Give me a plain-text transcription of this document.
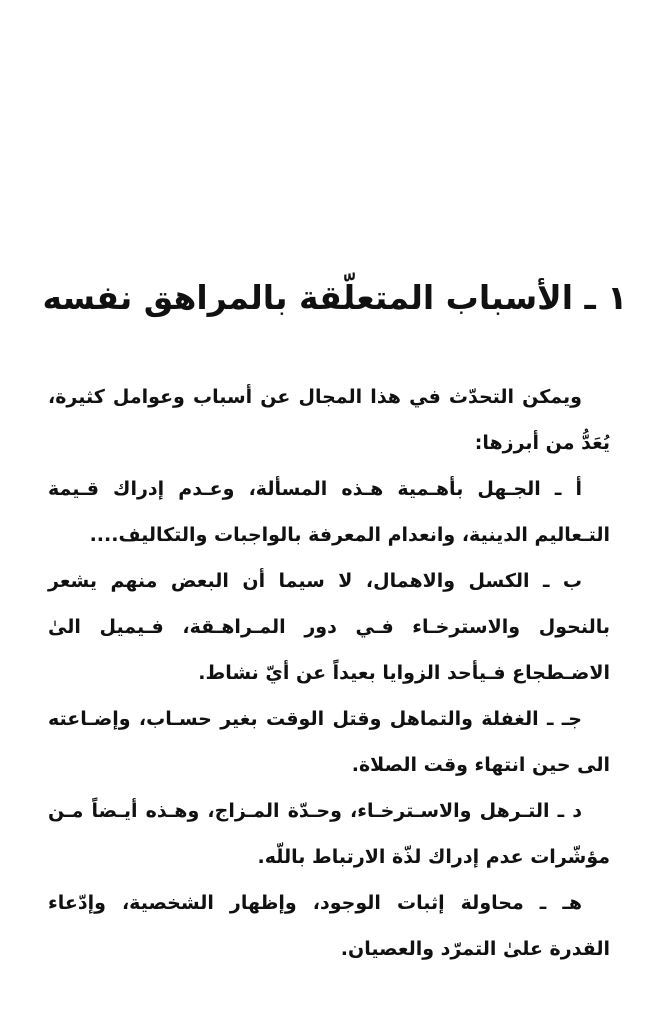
١ ـ الأسباب المتعلّقة بالمراهق نفسه

ويمكن التحدّث في هذا المجال عن أسباب وعوامل كثيرة، يُعَدُّ من أبرزها:

أ ـ الجـهل بأهـمية هـذه المسألة، وعـدم إدراك قـيمة التـعاليم الدينية، وانعدام المعرفة بالواجبات والتكاليف....

ب ـ الكسل والاهمال، لا سيما أن البعض منهم يشعر بالنحول والاسترخـاء فـي دور المـراهـقة، فـيميل الىٰ الاضـطجاع فـيأحد الزوايا بعيداً عن أيّ نشاط.

جـ ـ الغفلة والتماهل وقتل الوقت بغير حسـاب، وإضـاعته الى حين انتهاء وقت الصلاة.

د ـ التـرهل والاسـترخـاء، وحـدّة المـزاج، وهـذه أيـضاً مـن مؤشّرات عدم إدراك لذّة الارتباط باللّه.

هـ ـ محاولة إثبات الوجود، وإظهار الشخصية، وإدّعاء القدرة علىٰ التمرّد والعصيان.
